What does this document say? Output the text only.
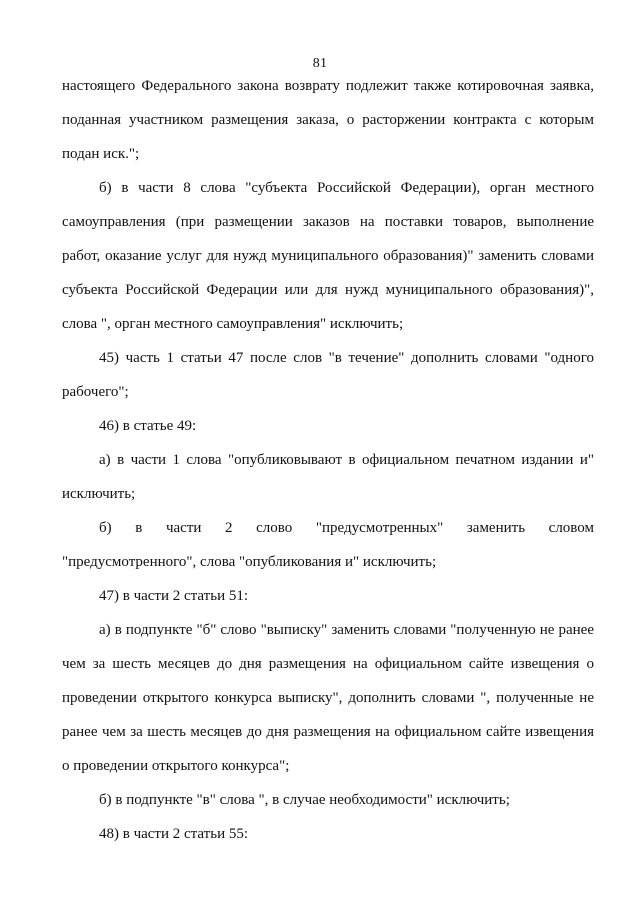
81
настоящего Федерального закона возврату подлежит также котировочная заявка,
поданная участником размещения заказа, о расторжении контракта с которым
подан иск.";
б) в части 8 слова "субъекта Российской Федерации), орган местного
самоуправления (при размещении заказов на поставки товаров, выполнение
работ, оказание услуг для нужд муниципального образования)" заменить словами
субъекта Российской Федерации или для нужд муниципального образования)",
слова ", орган местного самоуправления" исключить;
45) часть 1 статьи 47 после слов "в течение" дополнить словами "одного
рабочего";
46) в статье 49:
а) в части 1 слова "опубликовывают в официальном печатном издании и"
исключить;
б) в части 2 слово "предусмотренных" заменить словом
"предусмотренного", слова "опубликования и" исключить;
47) в части 2 статьи 51:
а) в подпункте "б" слово "выписку" заменить словами "полученную не ранее
чем за шесть месяцев до дня размещения на официальном сайте извещения о
проведении открытого конкурса выписку", дополнить словами ", полученные не
ранее чем за шесть месяцев до дня размещения на официальном сайте извещения
о проведении открытого конкурса";
б) в подпункте "в" слова ", в случае необходимости" исключить;
48) в части 2 статьи 55:
